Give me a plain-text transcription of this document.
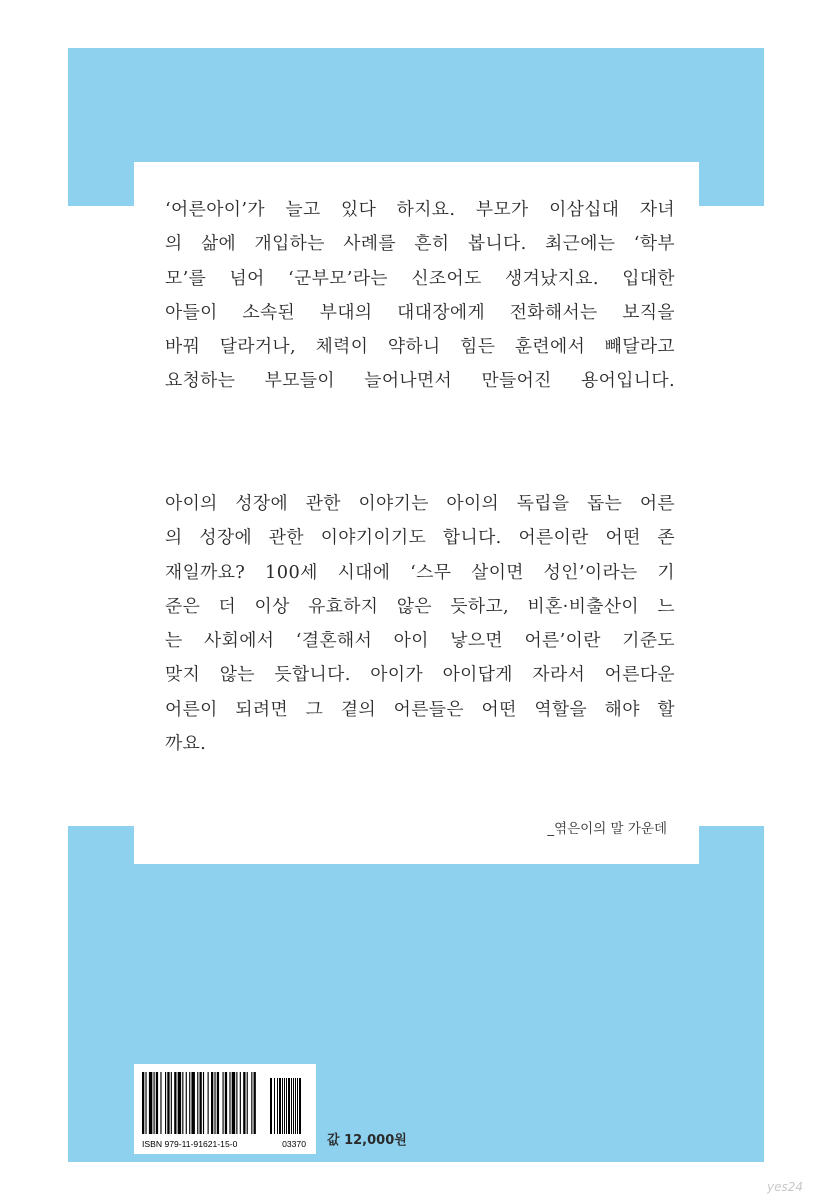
‘어른아이’가 늘고 있다 하지요. 부모가 이삼십대 자녀
의 삶에 개입하는 사례를 흔히 봅니다. 최근에는 ‘학부
모’를 넘어 ‘군부모’라는 신조어도 생겨났지요. 입대한
아들이 소속된 부대의 대대장에게 전화해서는 보직을
바꿔 달라거나, 체력이 약하니 힘든 훈련에서 빼달라고
요청하는 부모들이 늘어나면서 만들어진 용어입니다.
아이의 성장에 관한 이야기는 아이의 독립을 돕는 어른
의 성장에 관한 이야기이기도 합니다. 어른이란 어떤 존
재일까요? 100세 시대에 ‘스무 살이면 성인’이라는 기
준은 더 이상 유효하지 않은 듯하고, 비혼·비출산이 느
는 사회에서 ‘결혼해서 아이 낳으면 어른’이란 기준도
맞지 않는 듯합니다. 아이가 아이답게 자라서 어른다운
어른이 되려면 그 곁의 어른들은 어떤 역할을 해야 할
까요.
_엮은이의 말 가운데
ISBN 979-11-91621-15-0	03370 값 12,000원
yes24
